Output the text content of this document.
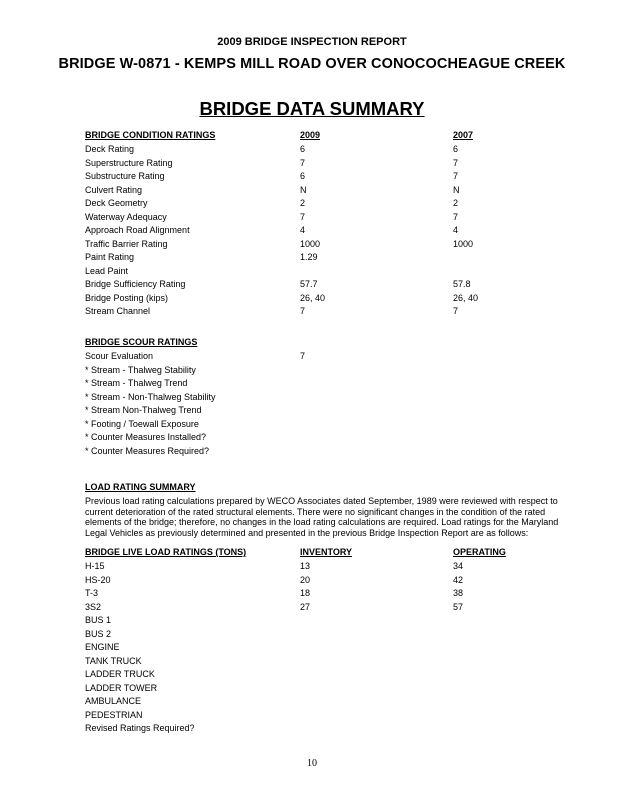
2009 BRIDGE INSPECTION REPORT
BRIDGE W-0871 - KEMPS MILL ROAD OVER CONOCOCHEAGUE CREEK
BRIDGE DATA SUMMARY
BRIDGE CONDITION RATINGS	2009	2007
Deck Rating	6	6
Superstructure Rating	7	7
Substructure Rating	6	7
Culvert Rating	N	N
Deck Geometry	2	2
Waterway Adequacy	7	7
Approach Road Alignment	4	4
Traffic Barrier Rating	1000	1000
Paint Rating	1.29
Lead Paint
Bridge Sufficiency Rating	57.7	57.8
Bridge Posting (kips)	26, 40	26, 40
Stream Channel	7	7
BRIDGE SCOUR RATINGS
Scour Evaluation	7
* Stream - Thalweg Stability
* Stream - Thalweg Trend
* Stream - Non-Thalweg Stability
* Stream Non-Thalweg Trend
* Footing / Toewall Exposure
* Counter Measures Installed?
* Counter Measures Required?
LOAD RATING SUMMARY
Previous load rating calculations prepared by WECO Associates dated September, 1989 were reviewed with respect to current deterioration of the rated structural elements. There were no significant changes in the condition of the rated elements of the bridge; therefore, no changes in the load rating calculations are required. Load ratings for the Maryland Legal Vehicles as previously determined and presented in the previous Bridge Inspection Report are as follows:
BRIDGE LIVE LOAD RATINGS (TONS)	INVENTORY	OPERATING
H-15	13	34
HS-20	20	42
T-3	18	38
3S2	27	57
BUS 1
BUS 2
ENGINE
TANK TRUCK
LADDER TRUCK
LADDER TOWER
AMBULANCE
PEDESTRIAN
Revised Ratings Required?
10
